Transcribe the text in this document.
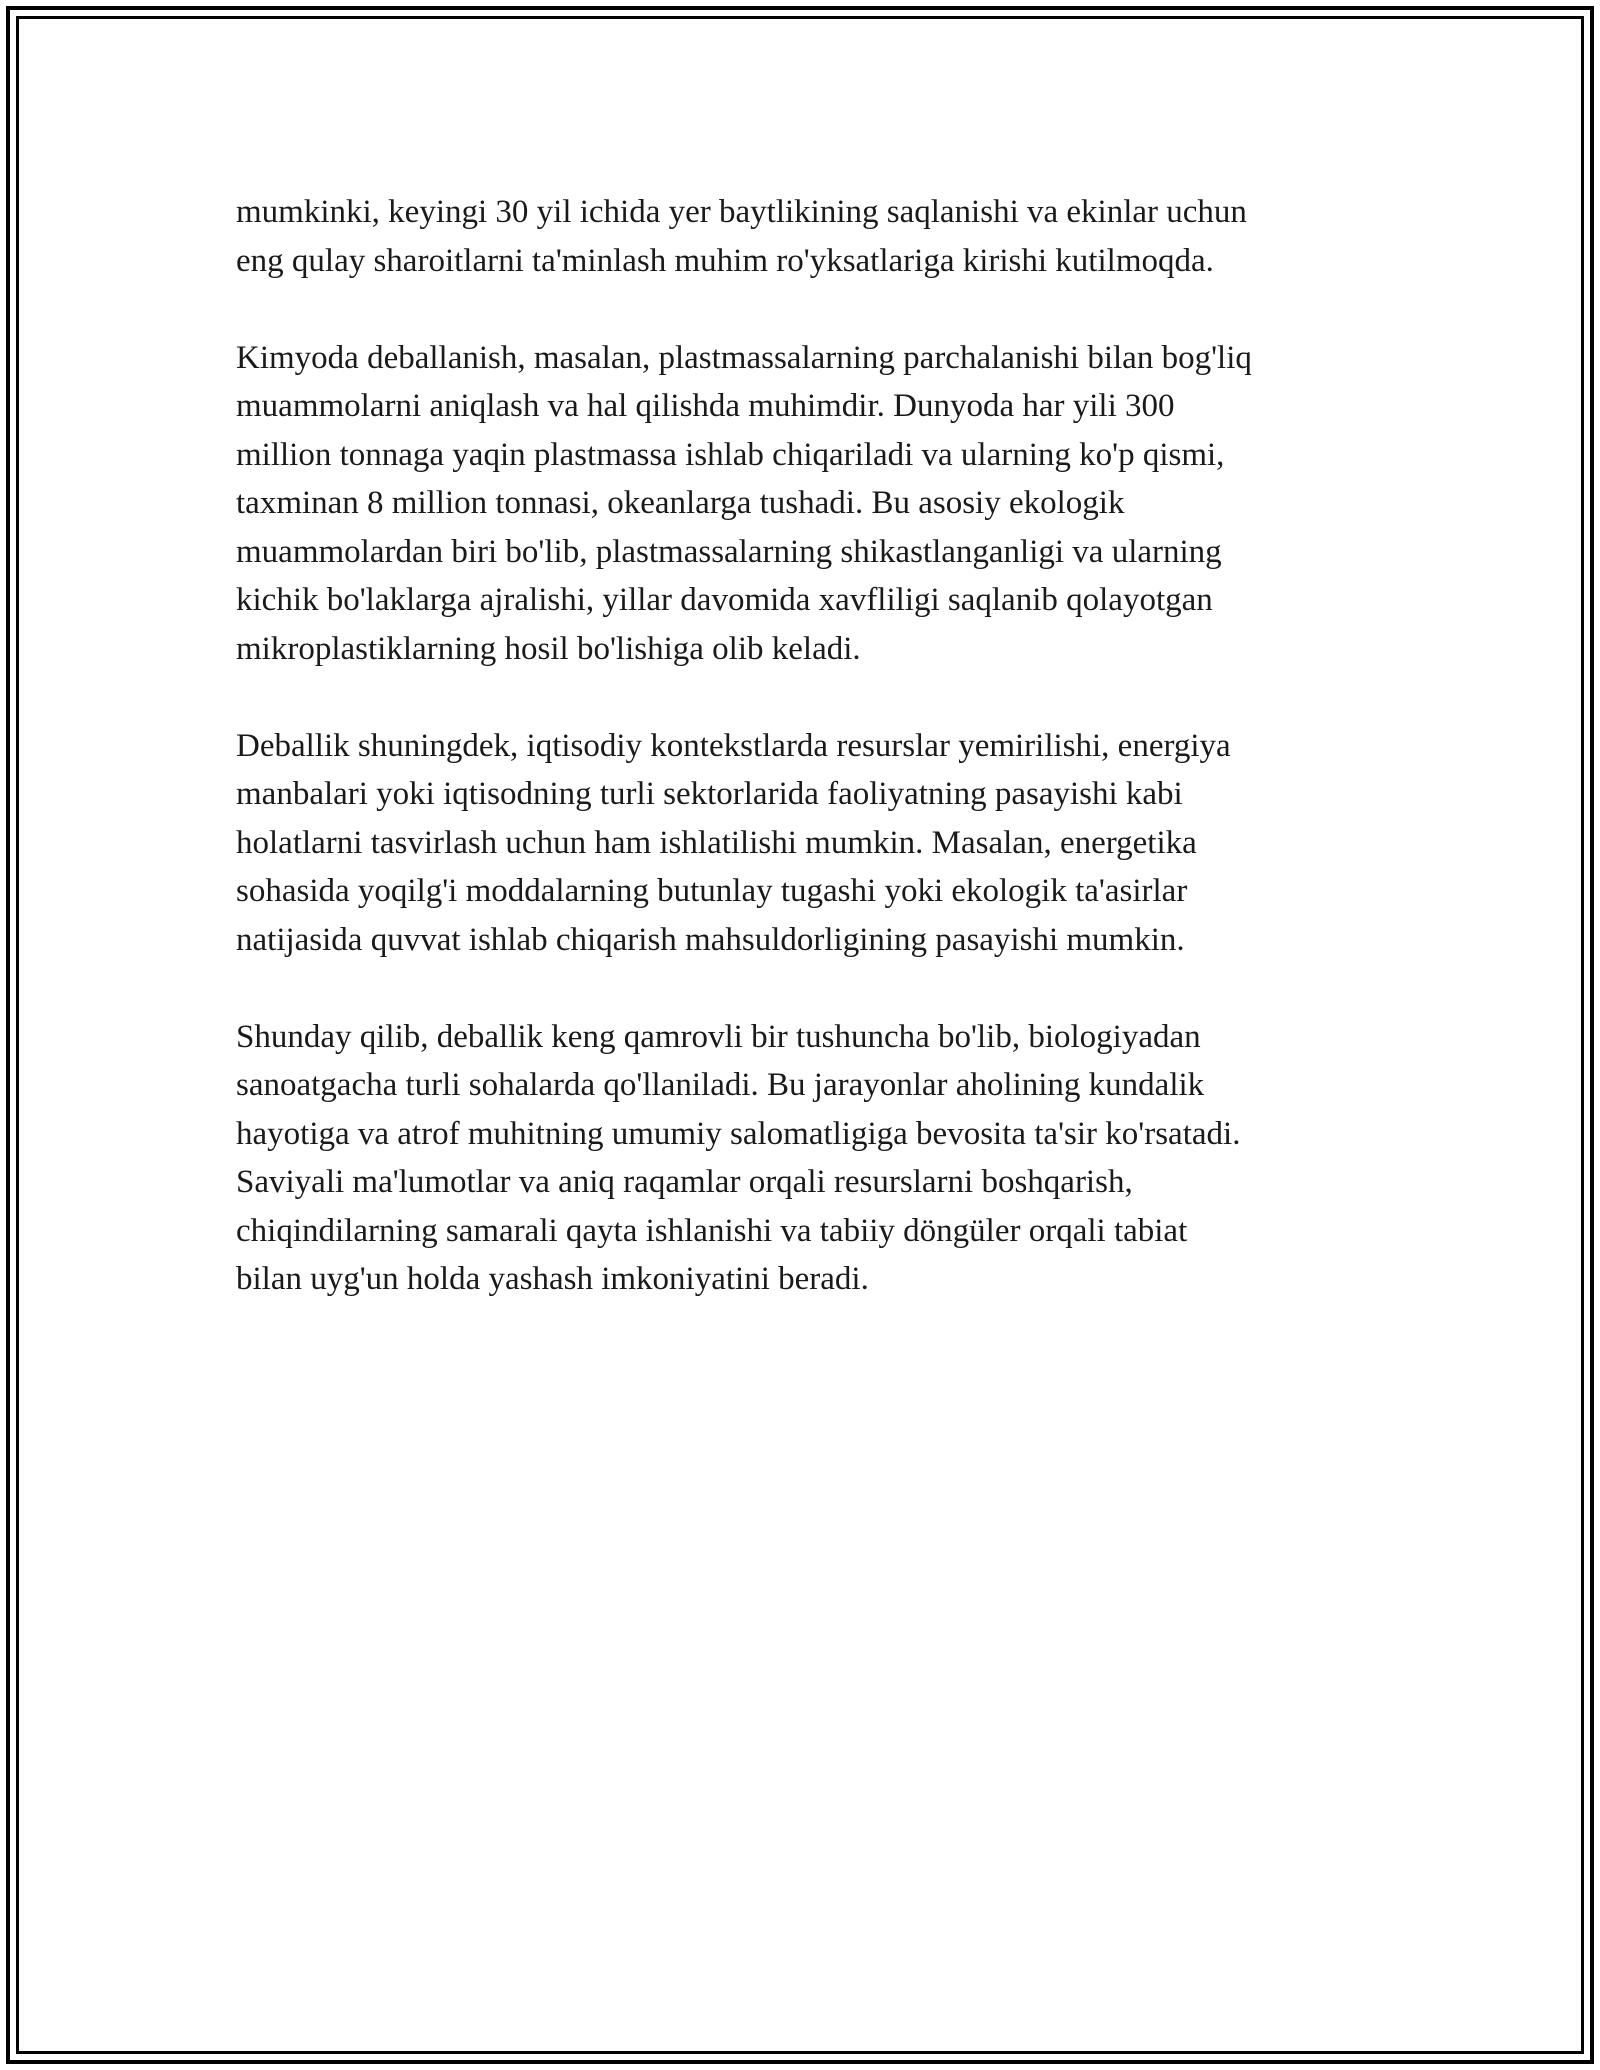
mumkinki, keyingi 30 yil ichida yer baytlikining saqlanishi va ekinlar uchun
eng qulay sharoitlarni ta'minlash muhim ro'yksatlariga kirishi kutilmoqda.

Kimyoda deballanish, masalan, plastmassalarning parchalanishi bilan bog'liq
muammolarni aniqlash va hal qilishda muhimdir. Dunyoda har yili 300
million tonnaga yaqin plastmassa ishlab chiqariladi va ularning ko'p qismi,
taxminan 8 million tonnasi, okeanlarga tushadi. Bu asosiy ekologik
muammolardan biri bo'lib, plastmassalarning shikastlanganligi va ularning
kichik bo'laklarga ajralishi, yillar davomida xavfliligi saqlanib qolayotgan
mikroplastiklarning hosil bo'lishiga olib keladi.

Deballik shuningdek, iqtisodiy kontekstlarda resurslar yemirilishi, energiya
manbalari yoki iqtisodning turli sektorlarida faoliyatning pasayishi kabi
holatlarni tasvirlash uchun ham ishlatilishi mumkin. Masalan, energetika
sohasida yoqilg'i moddalarning butunlay tugashi yoki ekologik ta'asirlar
natijasida quvvat ishlab chiqarish mahsuldorligining pasayishi mumkin.

Shunday qilib, deballik keng qamrovli bir tushuncha bo'lib, biologiyadan
sanoatgacha turli sohalarda qo'llaniladi. Bu jarayonlar aholining kundalik
hayotiga va atrof muhitning umumiy salomatligiga bevosita ta'sir ko'rsatadi.
Saviyali ma'lumotlar va aniq raqamlar orqali resurslarni boshqarish,
chiqindilarning samarali qayta ishlanishi va tabiiy döngüler orqali tabiat
bilan uyg'un holda yashash imkoniyatini beradi.
